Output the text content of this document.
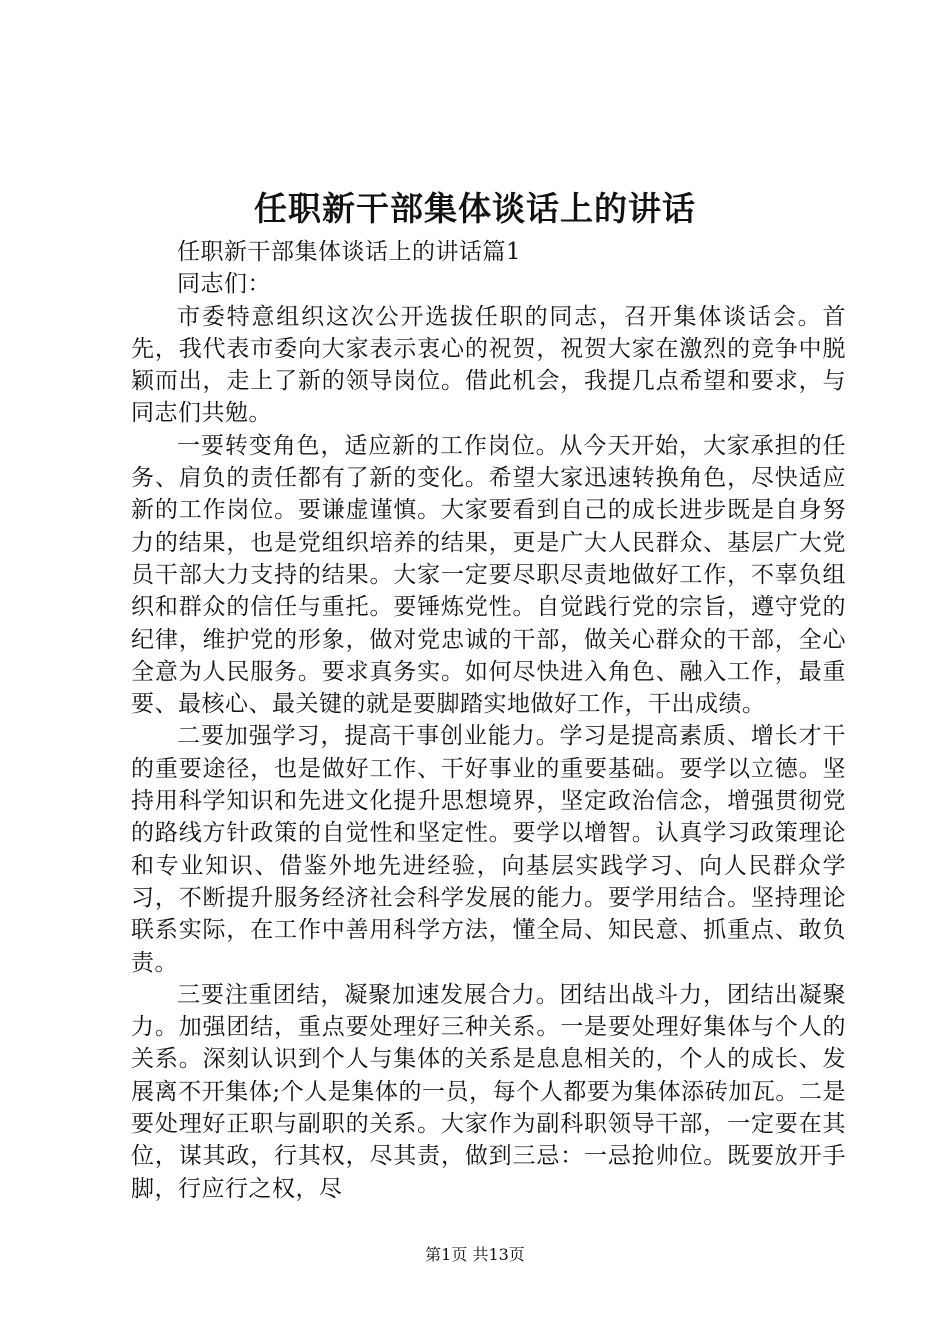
任职新干部集体谈话上的讲话

任职新干部集体谈话上的讲话篇1

同志们：

市委特意组织这次公开选拔任职的同志，召开集体谈话会。首先，我代表市委向大家表示衷心的祝贺，祝贺大家在激烈的竞争中脱颖而出，走上了新的领导岗位。借此机会，我提几点希望和要求，与同志们共勉。

一要转变角色，适应新的工作岗位。从今天开始，大家承担的任务、肩负的责任都有了新的变化。希望大家迅速转换角色，尽快适应新的工作岗位。要谦虚谨慎。大家要看到自己的成长进步既是自身努力的结果，也是党组织培养的结果，更是广大人民群众、基层广大党员干部大力支持的结果。大家一定要尽职尽责地做好工作，不辜负组织和群众的信任与重托。要锤炼党性。自觉践行党的宗旨，遵守党的纪律，维护党的形象，做对党忠诚的干部，做关心群众的干部，全心全意为人民服务。要求真务实。如何尽快进入角色、融入工作，最重要、最核心、最关键的就是要脚踏实地做好工作，干出成绩。

二要加强学习，提高干事创业能力。学习是提高素质、增长才干的重要途径，也是做好工作、干好事业的重要基础。要学以立德。坚持用科学知识和先进文化提升思想境界，坚定政治信念，增强贯彻党的路线方针政策的自觉性和坚定性。要学以增智。认真学习政策理论和专业知识、借鉴外地先进经验，向基层实践学习、向人民群众学习，不断提升服务经济社会科学发展的能力。要学用结合。坚持理论联系实际，在工作中善用科学方法，懂全局、知民意、抓重点、敢负责。

三要注重团结，凝聚加速发展合力。团结出战斗力，团结出凝聚力。加强团结，重点要处理好三种关系。一是要处理好集体与个人的关系。深刻认识到个人与集体的关系是息息相关的，个人的成长、发展离不开集体;个人是集体的一员，每个人都要为集体添砖加瓦。二是要处理好正职与副职的关系。大家作为副科职领导干部，一定要在其位，谋其政，行其权，尽其责，做到三忌：一忌抢帅位。既要放开手脚，行应行之权，尽

第1页 共13页
